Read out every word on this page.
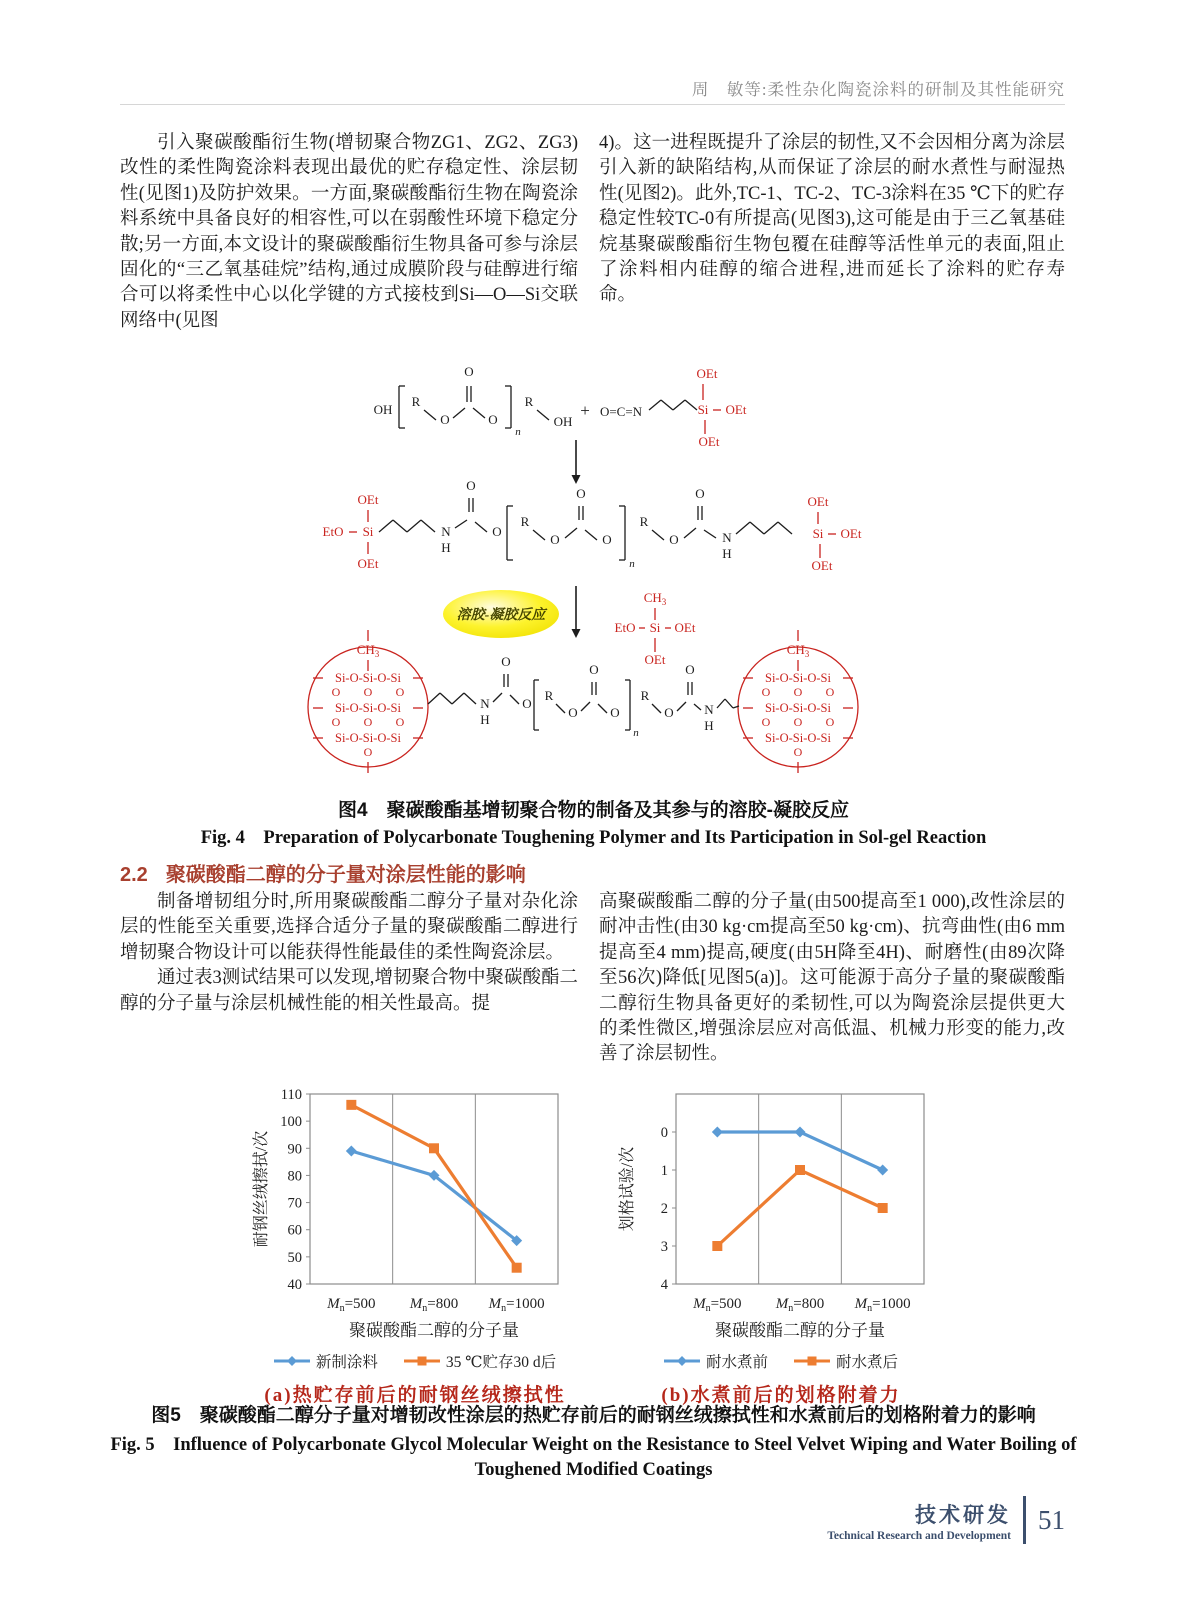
周　敏等:柔性杂化陶瓷涂料的研制及其性能研究

引入聚碳酸酯衍生物(增韧聚合物ZG1、ZG2、ZG3)改性的柔性陶瓷涂料表现出最优的贮存稳定性、涂层韧性(见图1)及防护效果。一方面,聚碳酸酯衍生物在陶瓷涂料系统中具备良好的相容性,可以在弱酸性环境下稳定分散;另一方面,本文设计的聚碳酸酯衍生物具备可参与涂层固化的“三乙氧基硅烷”结构,通过成膜阶段与硅醇进行缩合可以将柔性中心以化学键的方式接枝到Si—O—Si交联网络中(见图

4)。这一进程既提升了涂层的韧性,又不会因相分离为涂层引入新的缺陷结构,从而保证了涂层的耐水煮性与耐湿热性(见图2)。此外,TC-1、TC-2、TC-3涂料在35 ℃下的贮存稳定性较TC-0有所提高(见图3),这可能是由于三乙氧基硅烷基聚碳酸酯衍生物包覆在硅醇等活性单元的表面,阻止了涂料相内硅醇的缩合进程,进而延长了涂料的贮存寿命。

OH
R
O
O
O
n
R
OH
+ O=C=N
OEt
Si OEt
OEt
OEt
EtO Si
OEt
N
H
O
O
R
O
O
O
n
R
O
O
N
H
OEt
Si OEt
OEt
溶胶-凝胶反应
$CH_3$
EtO Si OEt
OEt
$CH_3$
Si-O-Si-O-Si
O O O
Si-O-Si-O-Si
O O O
Si-O-Si-O-Si
O
$CH_3$
Si-O-Si-O-Si
O O O
Si-O-Si-O-Si
O O O
Si-O-Si-O-Si
O
N
H
O
O
R
O
O
O
n
R
O
O
N
H
图4　聚碳酸酯基增韧聚合物的制备及其参与的溶胶-凝胶反应
Fig. 4　Preparation of Polycarbonate Toughening Polymer and Its Participation in Sol-gel Reaction
2.2 聚碳酸酯二醇的分子量对涂层性能的影响

制备增韧组分时,所用聚碳酸酯二醇分子量对杂化涂层的性能至关重要,选择合适分子量的聚碳酸酯二醇进行增韧聚合物设计可以能获得性能最佳的柔性陶瓷涂层。

通过表3测试结果可以发现,增韧聚合物中聚碳酸酯二醇的分子量与涂层机械性能的相关性最高。提

高聚碳酸酯二醇的分子量(由500提高至1 000),改性涂层的耐冲击性(由30 kg·cm提高至50 kg·cm)、抗弯曲性(由6 mm提高至4 mm)提高,硬度(由5H降至4H)、耐磨性(由89次降至56次)降低[见图5(a)]。这可能源于高分子量的聚碳酸酯二醇衍生物具备更好的柔韧性,可以为陶瓷涂层提供更大的柔性微区,增强涂层应对高低温、机械力形变的能力,改善了涂层韧性。

40
50
60
70
80
90
100
110
$M_n=500$ $M_n=800$ $M_n=1000$
聚碳酸酯二醇的分子量
耐钢丝绒擦拭/次
新制涂料	35 ℃贮存30 d后
(a)热贮存前后的耐钢丝绒擦拭性
0
1
2
3
4
$M_n=500$ $M_n=800$ $M_n=1000$
聚碳酸酯二醇的分子量
划格试验/次
耐水煮前	耐水煮后
(b)水煮前后的划格附着力
图5　聚碳酸酯二醇分子量对增韧改性涂层的热贮存前后的耐钢丝绒擦拭性和水煮前后的划格附着力的影响
Fig. 5　Influence of Polycarbonate Glycol Molecular Weight on the Resistance to Steel Velvet Wiping and Water Boiling of
Toughened Modified Coatings
技术研发
Technical Research and Development
51
